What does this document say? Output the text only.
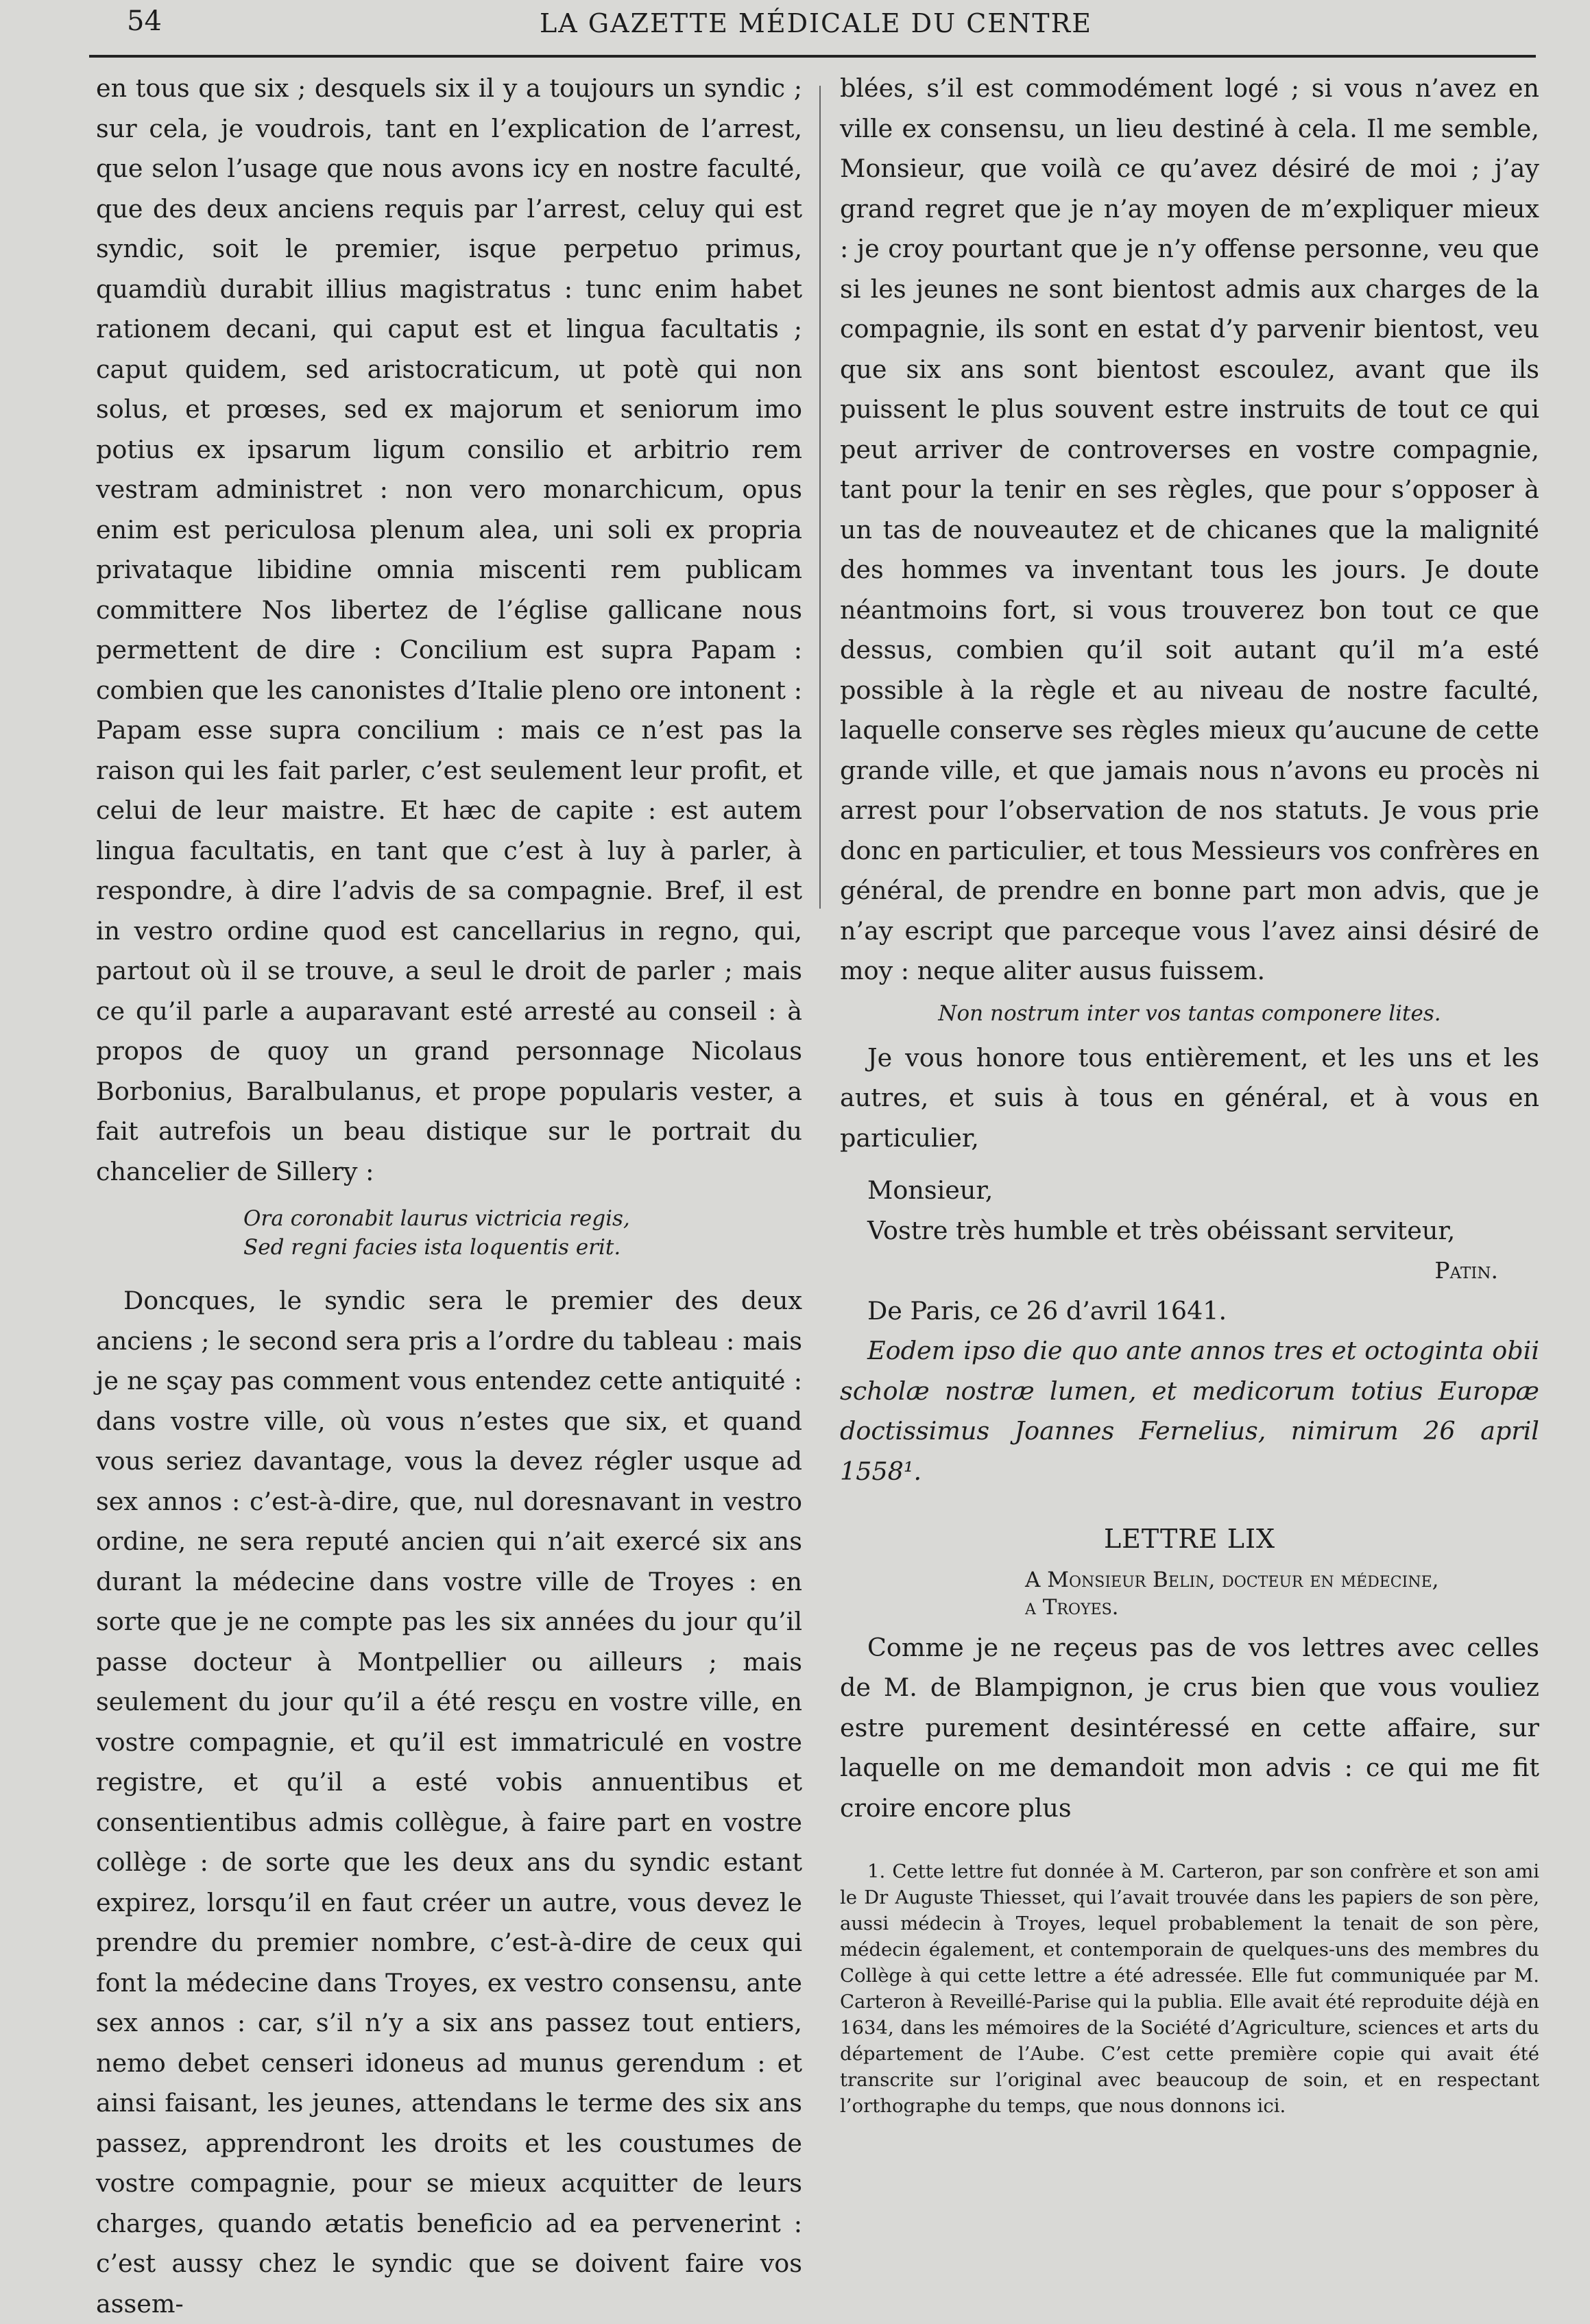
54	LA GAZETTE MÉDICALE DU CENTRE

en tous que six ; desquels six il y a toujours un syndic ; sur cela, je voudrois, tant en l’explication de l’arrest, que selon l’usage que nous avons icy en nostre faculté, que des deux anciens requis par l’arrest, celuy qui est syndic, soit le premier, isque perpetuo primus, quamdiù durabit illius magistratus : tunc enim habet rationem decani, qui caput est et lingua facultatis ; caput quidem, sed aristocraticum, ut potè qui non solus, et prœses, sed ex majorum et seniorum imo potius ex ipsarum ligum consilio et arbitrio rem vestram administret : non vero monarchicum, opus enim est periculosa plenum alea, uni soli ex propria privataque libidine omnia miscenti rem publicam committere Nos libertez de l’église gallicane nous permettent de dire : Concilium est supra Papam : combien que les canonistes d’Italie pleno ore intonent : Papam esse supra concilium : mais ce n’est pas la raison qui les fait parler, c’est seulement leur profit, et celui de leur maistre. Et hæc de capite : est autem lingua facultatis, en tant que c’est à luy à parler, à respondre, à dire l’advis de sa compagnie. Bref, il est in vestro ordine quod est cancellarius in regno, qui, partout où il se trouve, a seul le droit de parler ; mais ce qu’il parle a auparavant esté arresté au conseil : à propos de quoy un grand personnage Nicolaus Borbonius, Baralbulanus, et prope popularis vester, a fait autrefois un beau distique sur le portrait du chancelier de Sillery :

Ora coronabit laurus victricia regis,
Sed regni facies ista loquentis erit.

Doncques, le syndic sera le premier des deux anciens ; le second sera pris a l’ordre du tableau : mais je ne sçay pas comment vous entendez cette antiquité : dans vostre ville, où vous n’estes que six, et quand vous seriez davantage, vous la devez régler usque ad sex annos : c’est-à-dire, que, nul doresnavant in vestro ordine, ne sera reputé ancien qui n’ait exercé six ans durant la médecine dans vostre ville de Troyes : en sorte que je ne compte pas les six années du jour qu’il passe docteur à Montpellier ou ailleurs ; mais seulement du jour qu’il a été resçu en vostre ville, en vostre compagnie, et qu’il est immatriculé en vostre registre, et qu’il a esté vobis annuentibus et consentientibus admis collègue, à faire part en vostre collège : de sorte que les deux ans du syndic estant expirez, lorsqu’il en faut créer un autre, vous devez le prendre du premier nombre, c’est-à-dire de ceux qui font la médecine dans Troyes, ex vestro consensu, ante sex annos : car, s’il n’y a six ans passez tout entiers, nemo debet censeri idoneus ad munus gerendum : et ainsi faisant, les jeunes, attendans le terme des six ans passez, apprendront les droits et les coustumes de vostre compagnie, pour se mieux acquitter de leurs charges, quando ætatis beneficio ad ea pervenerint : c’est aussy chez le syndic que se doivent faire vos assem-

blées, s’il est commodément logé ; si vous n’avez en ville ex consensu, un lieu destiné à cela. Il me semble, Monsieur, que voilà ce qu’avez désiré de moi ; j’ay grand regret que je n’ay moyen de m’expliquer mieux : je croy pourtant que je n’y offense personne, veu que si les jeunes ne sont bientost admis aux charges de la compagnie, ils sont en estat d’y parvenir bientost, veu que six ans sont bientost escoulez, avant que ils puissent le plus souvent estre instruits de tout ce qui peut arriver de controverses en vostre compagnie, tant pour la tenir en ses règles, que pour s’opposer à un tas de nouveautez et de chicanes que la malignité des hommes va inventant tous les jours. Je doute néantmoins fort, si vous trouverez bon tout ce que dessus, combien qu’il soit autant qu’il m’a esté possible à la règle et au niveau de nostre faculté, laquelle conserve ses règles mieux qu’aucune de cette grande ville, et que jamais nous n’avons eu procès ni arrest pour l’observation de nos statuts. Je vous prie donc en particulier, et tous Messieurs vos confrères en général, de prendre en bonne part mon advis, que je n’ay escript que parceque vous l’avez ainsi désiré de moy : neque aliter ausus fuissem.

Non nostrum inter vos tantas componere lites.

Je vous honore tous entièrement, et les uns et les autres, et suis à tous en général, et à vous en particulier,

Monsieur,

Vostre très humble et très obéissant serviteur,

Patin.

De Paris, ce 26 d’avril 1641.

Eodem ipso die quo ante annos tres et octoginta obii scholæ nostræ lumen, et medicorum totius Europæ doctissimus Joannes Fernelius, nimirum 26 april 1558¹.

LETTRE LIX

A Monsieur Belin, docteur en médecine,
a Troyes.

Comme je ne reçeus pas de vos lettres avec celles de M. de Blampignon, je crus bien que vous vouliez estre purement desintéressé en cette affaire, sur laquelle on me demandoit mon advis : ce qui me fit croire encore plus

1. Cette lettre fut donnée à M. Carteron, par son confrère et son ami le Dr Auguste Thiesset, qui l’avait trouvée dans les papiers de son père, aussi médecin à Troyes, lequel probablement la tenait de son père, médecin également, et contemporain de quelques-uns des membres du Collège à qui cette lettre a été adressée. Elle fut communiquée par M. Carteron à Reveillé-Parise qui la publia. Elle avait été reproduite déjà en 1634, dans les mémoires de la Société d’Agriculture, sciences et arts du département de l’Aube. C’est cette première copie qui avait été transcrite sur l’original avec beaucoup de soin, et en respectant l’orthographe du temps, que nous donnons ici.
